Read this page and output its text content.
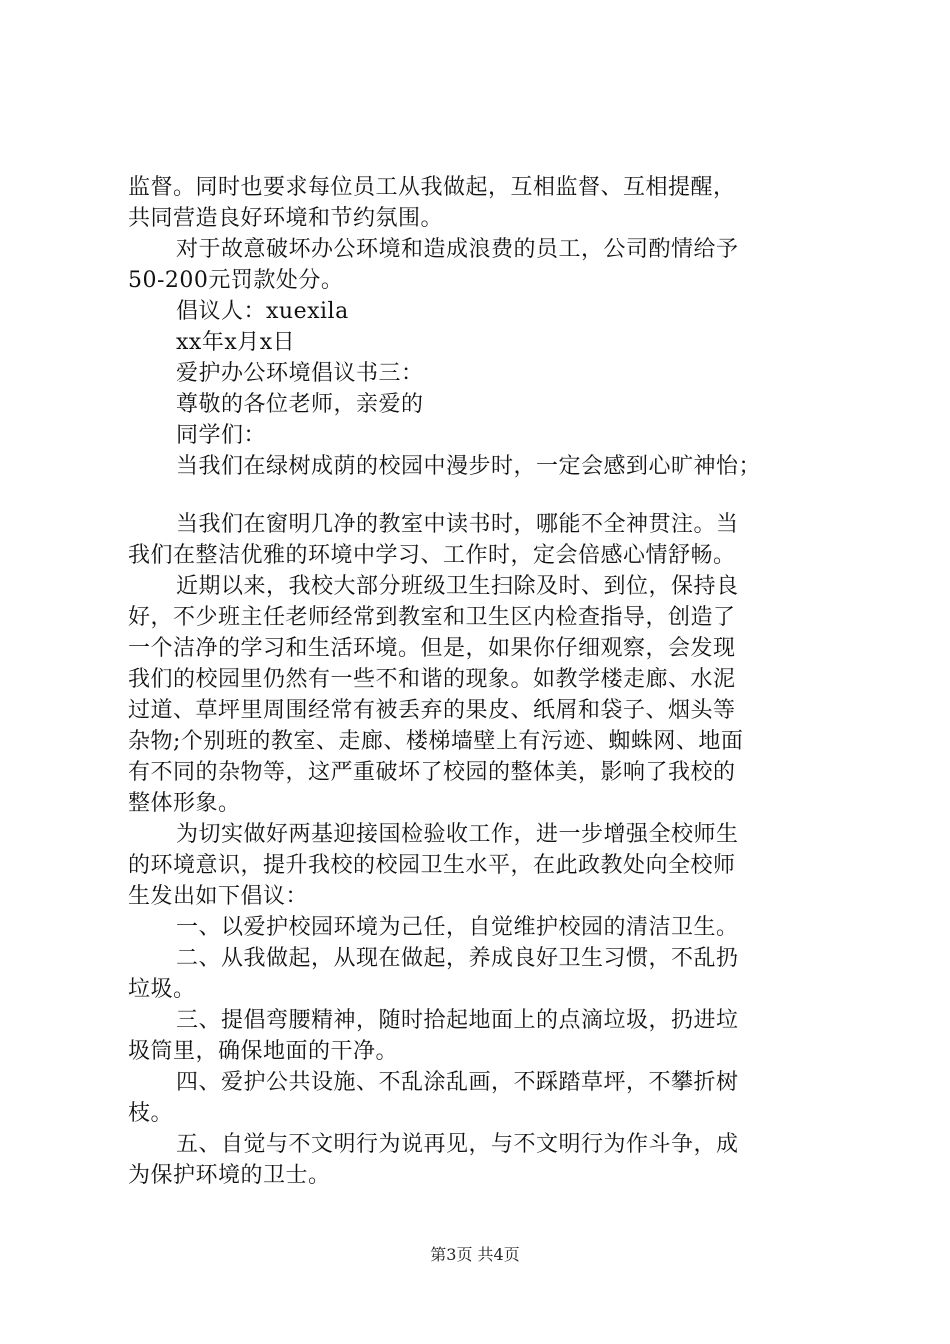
监督。同时也要求每位员工从我做起，互相监督、互相提醒，
共同营造良好环境和节约氛围。
对于故意破坏办公环境和造成浪费的员工，公司酌情给予
50-200元罚款处分。
倡议人：xuexila
xx年x月x日
爱护办公环境倡议书三：
尊敬的各位老师，亲爱的
同学们：
当我们在绿树成荫的校园中漫步时，一定会感到心旷神怡；
当我们在窗明几净的教室中读书时，哪能不全神贯注。当
我们在整洁优雅的环境中学习、工作时，定会倍感心情舒畅。
近期以来，我校大部分班级卫生扫除及时、到位，保持良
好，不少班主任老师经常到教室和卫生区内检查指导，创造了
一个洁净的学习和生活环境。但是，如果你仔细观察，会发现
我们的校园里仍然有一些不和谐的现象。如教学楼走廊、水泥
过道、草坪里周围经常有被丢弃的果皮、纸屑和袋子、烟头等
杂物;个别班的教室、走廊、楼梯墙壁上有污迹、蜘蛛网、地面
有不同的杂物等，这严重破坏了校园的整体美，影响了我校的
整体形象。
为切实做好两基迎接国检验收工作，进一步增强全校师生
的环境意识，提升我校的校园卫生水平，在此政教处向全校师
生发出如下倡议：
一、以爱护校园环境为己任，自觉维护校园的清洁卫生。
二、从我做起，从现在做起，养成良好卫生习惯，不乱扔
垃圾。
三、提倡弯腰精神，随时拾起地面上的点滴垃圾，扔进垃
圾筒里，确保地面的干净。
四、爱护公共设施、不乱涂乱画，不踩踏草坪，不攀折树
枝。
五、自觉与不文明行为说再见，与不文明行为作斗争，成
为保护环境的卫士。
第3页 共4页
